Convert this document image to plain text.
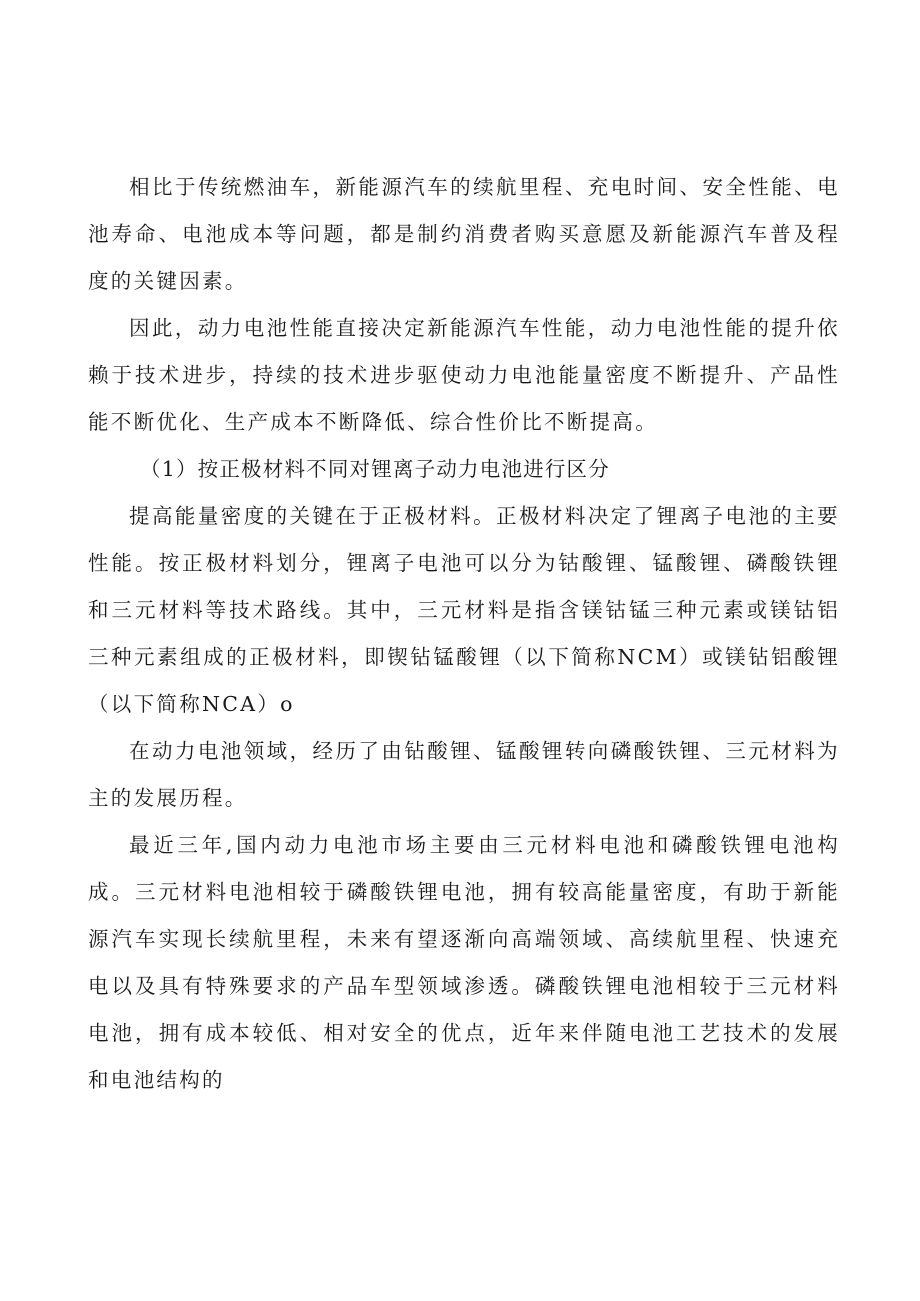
相比于传统燃油车，新能源汽车的续航里程、充电时间、安全性能、电池寿命、电池成本等问题，都是制约消费者购买意愿及新能源汽车普及程度的关键因素。

因此，动力电池性能直接决定新能源汽车性能，动力电池性能的提升依赖于技术进步，持续的技术进步驱使动力电池能量密度不断提升、产品性能不断优化、生产成本不断降低、综合性价比不断提高。

（1）按正极材料不同对锂离子动力电池进行区分

提高能量密度的关键在于正极材料。正极材料决定了锂离子电池的主要性能。按正极材料划分，锂离子电池可以分为钴酸锂、锰酸锂、磷酸铁锂和三元材料等技术路线。其中，三元材料是指含镁钴锰三种元素或镁钴铝三种元素组成的正极材料，即锲钻锰酸锂（以下简称NCM）或镁钻铝酸锂（以下简称NCA）o

在动力电池领域，经历了由钻酸锂、锰酸锂转向磷酸铁锂、三元材料为主的发展历程。

最近三年,国内动力电池市场主要由三元材料电池和磷酸铁锂电池构成。三元材料电池相较于磷酸铁锂电池，拥有较高能量密度，有助于新能源汽车实现长续航里程，未来有望逐渐向高端领域、高续航里程、快速充电以及具有特殊要求的产品车型领域渗透。磷酸铁锂电池相较于三元材料电池，拥有成本较低、相对安全的优点，近年来伴随电池工艺技术的发展和电池结构的
